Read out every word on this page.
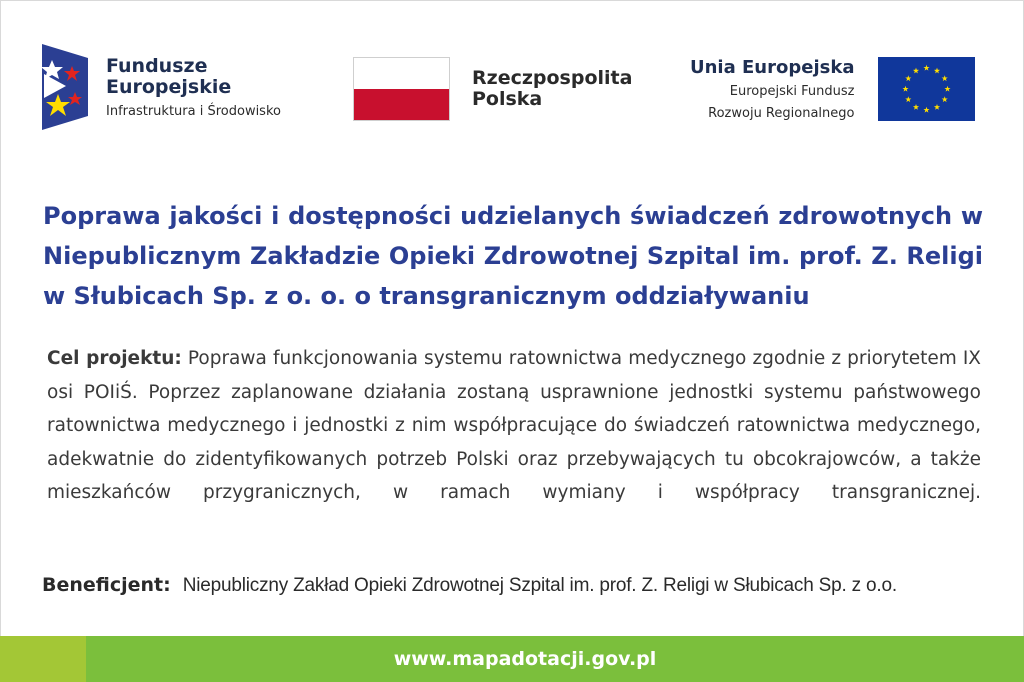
Fundusze
Europejskie
Infrastruktura i Środowisko
Rzeczpospolita
Polska
Unia Europejska
Europejski Fundusz
Rozwoju Regionalnego
Poprawa jakości i dostępności udzielanych świadczeń zdrowotnych w Niepublicznym Zakładzie Opieki Zdrowotnej Szpital im. prof. Z. Religi w Słubicach Sp. z o. o. o transgranicznym oddziaływaniu
Cel projektu: Poprawa funkcjonowania systemu ratownictwa medycznego zgodnie z priorytetem IX osi POIiŚ. Poprzez zaplanowane działania zostaną usprawnione jednostki systemu państwowego ratownictwa medycznego i jednostki z nim współpracujące do świadczeń ratownictwa medycznego, adekwatnie do zidentyfikowanych potrzeb Polski oraz przebywających tu obcokrajowców, a także mieszkańców przygranicznych, w ramach wymiany i współpracy transgranicznej.
Beneficjent: Niepubliczny Zakład Opieki Zdrowotnej Szpital im. prof. Z. Religi w Słubicach Sp. z o.o.
www.mapadotacji.gov.pl
